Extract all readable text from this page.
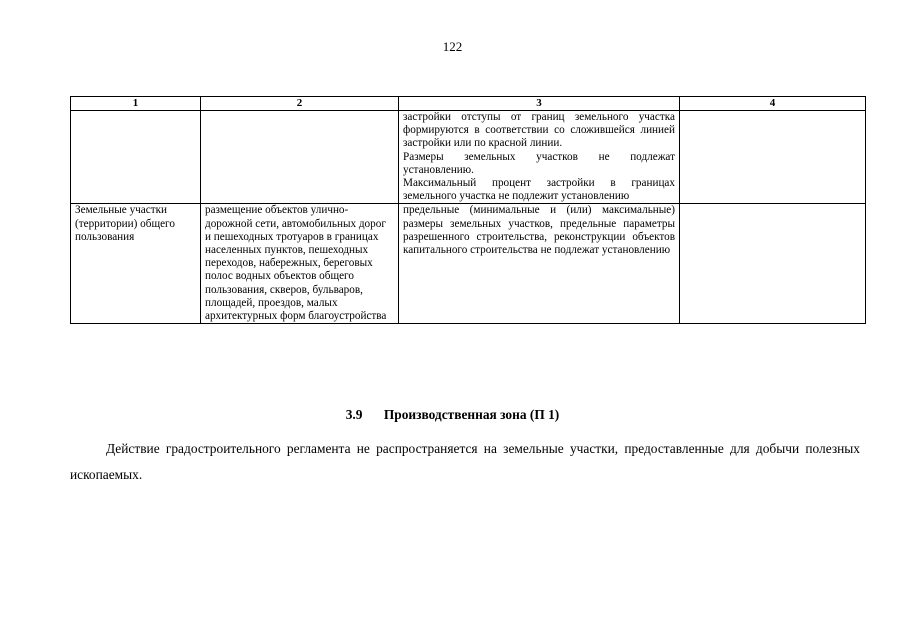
122
1	2	3	4

		застройки отступы от границ земельного участка формируются в соответствии со сложившейся линией застройки или по красной линии.
Размеры земельных участков не подлежат установлению.
Максимальный процент застройки в границах земельного участка не подлежит установлению	

Земельные участки (территории) общего пользования	размещение объектов улично-дорожной сети, автомобильных дорог и пешеходных тротуаров в границах населенных пунктов, пешеходных переходов, набережных, береговых полос водных объектов общего пользования, скверов, бульваров, площадей, проездов, малых архитектурных форм благоустройства	предельные (минимальные и (или) максимальные) размеры земельных участков, предельные параметры разрешенного строительства, реконструкции объектов капитального строительства не подлежат установлению	

3.9 Производственная зона (П 1)
Действие градостроительного регламента не распространяется на земельные участки, предоставленные для добычи полезных ископаемых.
